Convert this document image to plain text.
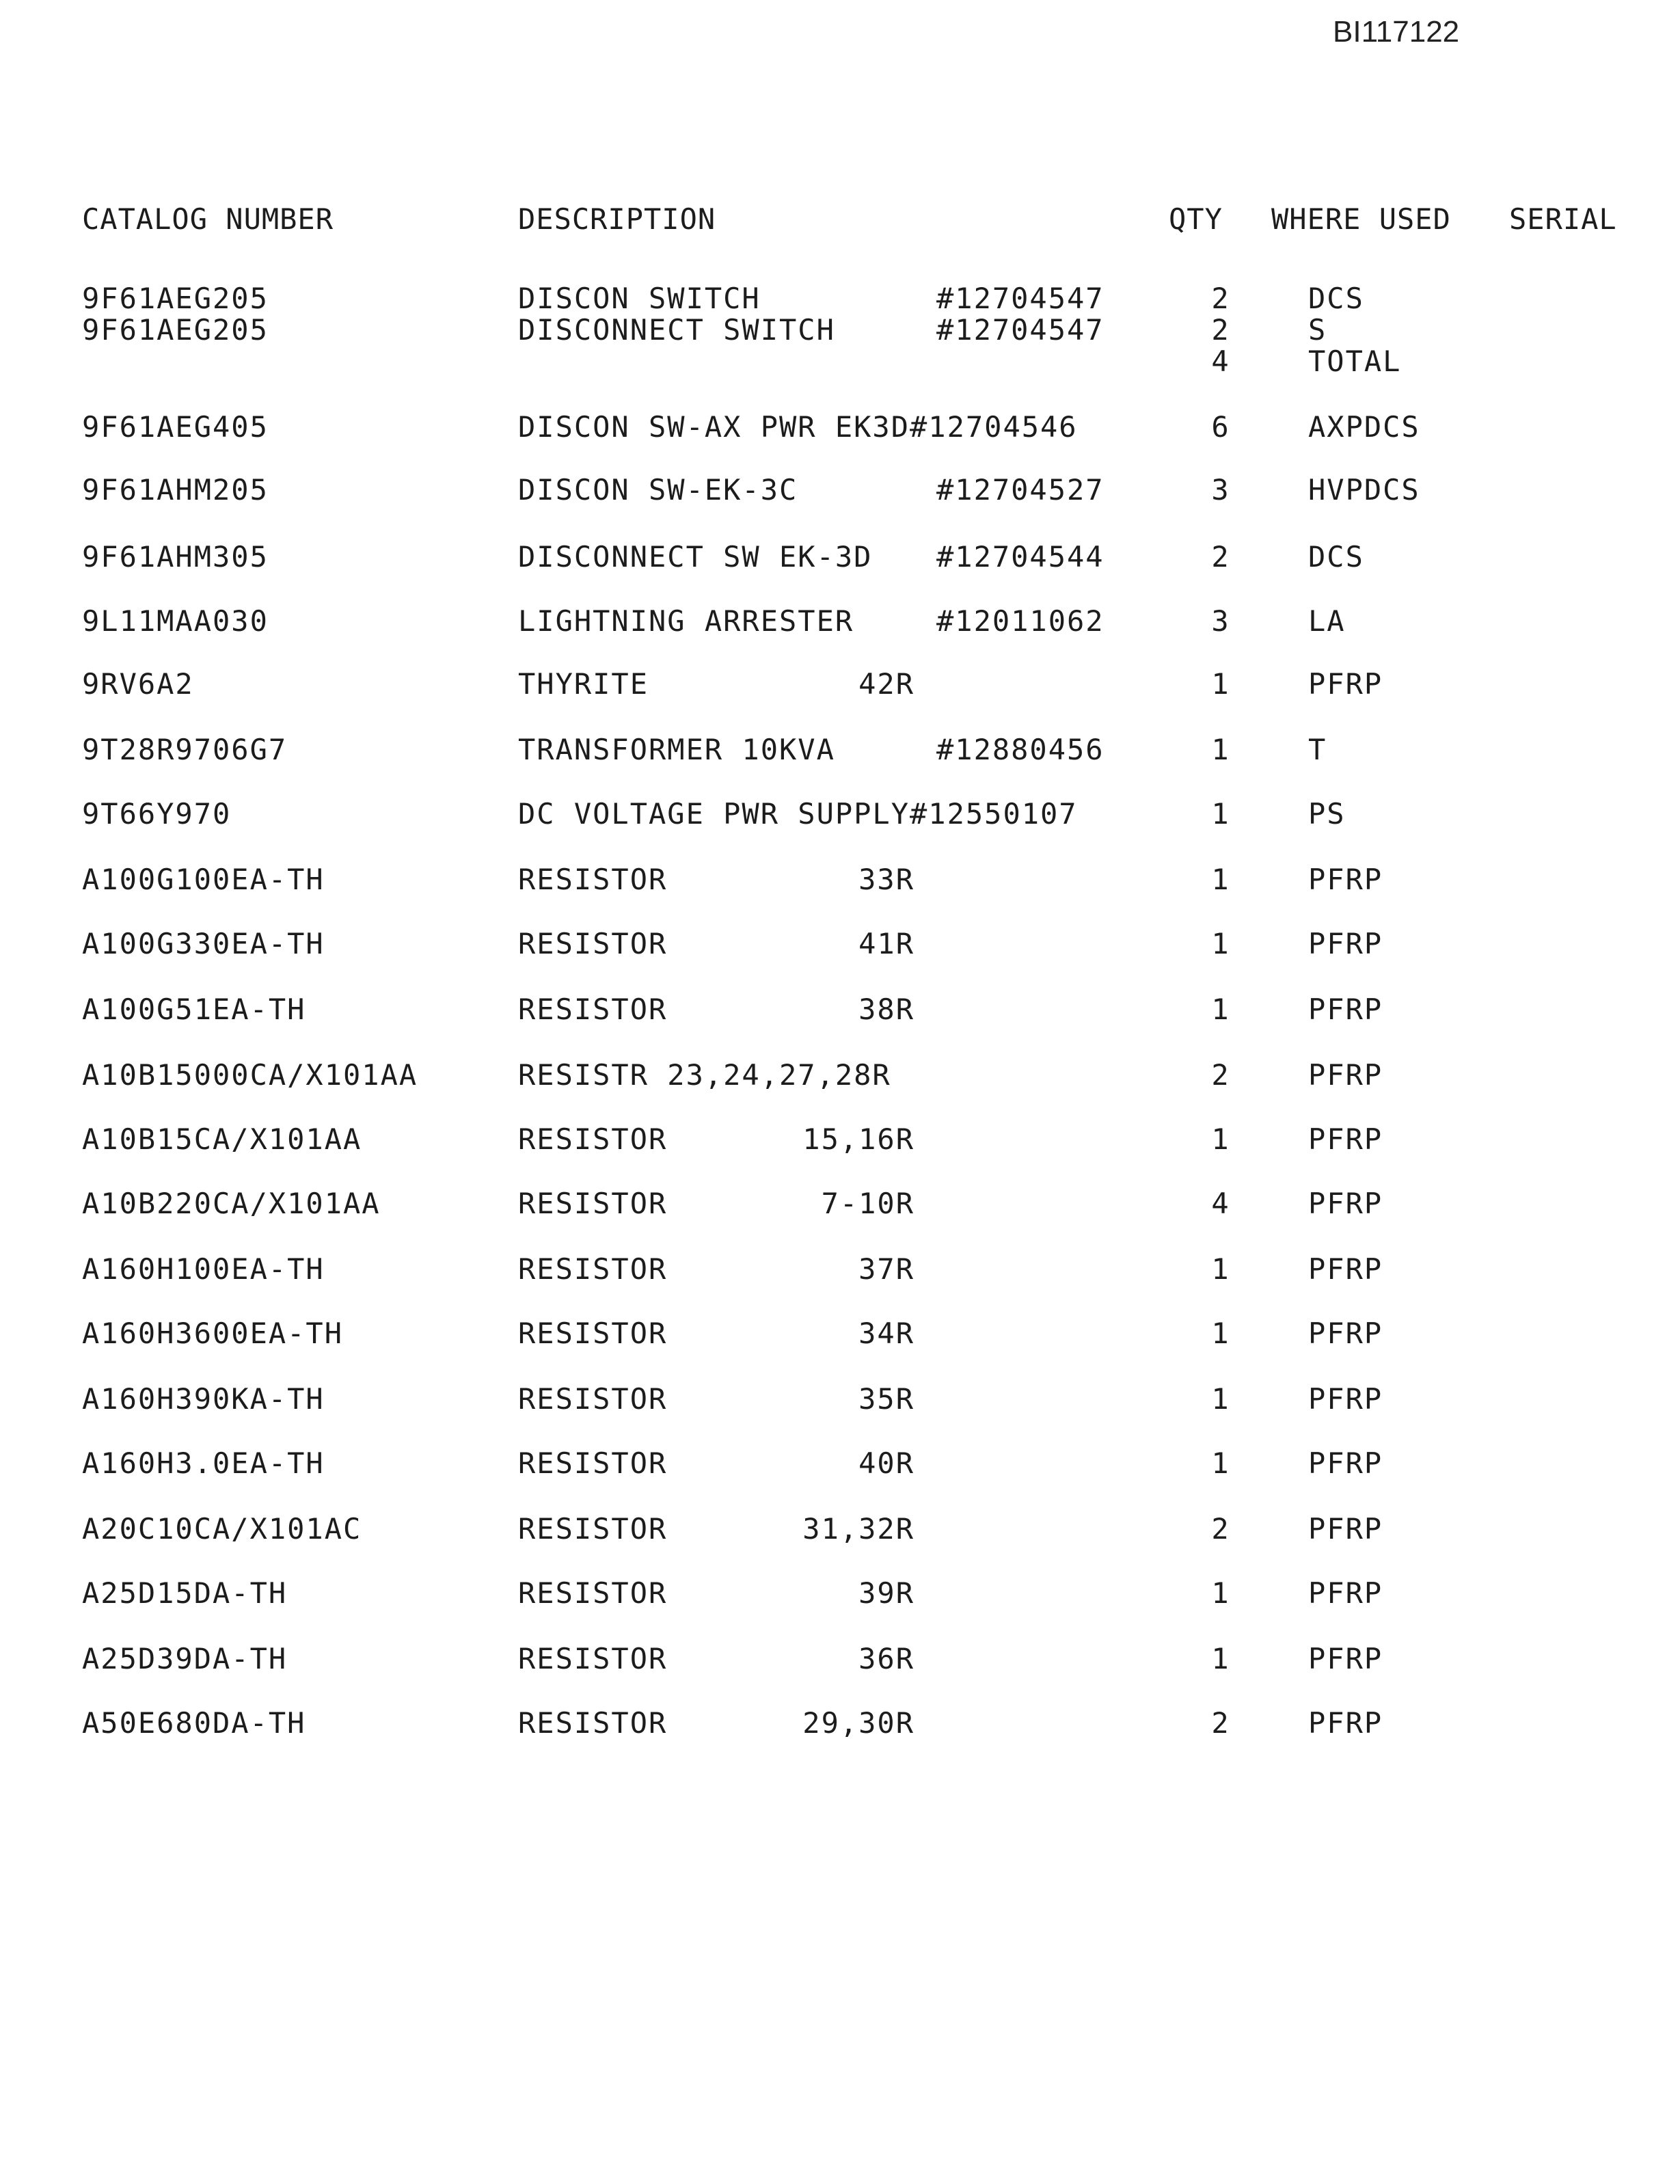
BI117122
CATALOG NUMBER	DESCRIPTION	QTY WHERE USED SERIAL
9F61AEG205	DISCON SWITCH	#12704547	2	DCS
9F61AEG205	DISCONNECT SWITCH	#12704547	2	S
4	TOTAL
9F61AEG405	DISCON SW-AX PWR EK3D#12704546	6	AXPDCS
9F61AHM205	DISCON SW-EK-3C	#12704527	3	HVPDCS
9F61AHM305	DISCONNECT SW EK-3D #12704544	2	DCS
9L11MAA030	LIGHTNING ARRESTER	#12011062	3	LA
9RV6A2	THYRITE	42R	1	PFRP
9T28R9706G7	TRANSFORMER 10KVA	#12880456	1	T
9T66Y970	DC VOLTAGE PWR SUPPLY#12550107	1	PS
A100G100EA-TH	RESISTOR	33R	1	PFRP
A100G330EA-TH	RESISTOR	41R	1	PFRP
A100G51EA-TH	RESISTOR	38R	1	PFRP
A10B15000CA/X101AA	RESISTR 23,24,27,28R	2	PFRP
A10B15CA/X101AA	RESISTOR	15,16R	1	PFRP
A10B220CA/X101AA	RESISTOR	7-10R	4	PFRP
A160H100EA-TH	RESISTOR	37R	1	PFRP
A160H3600EA-TH	RESISTOR	34R	1	PFRP
A160H390KA-TH	RESISTOR	35R	1	PFRP
A160H3.0EA-TH	RESISTOR	40R	1	PFRP
A20C10CA/X101AC	RESISTOR	31,32R	2	PFRP
A25D15DA-TH	RESISTOR	39R	1	PFRP
A25D39DA-TH	RESISTOR	36R	1	PFRP
A50E680DA-TH	RESISTOR	29,30R	2	PFRP
